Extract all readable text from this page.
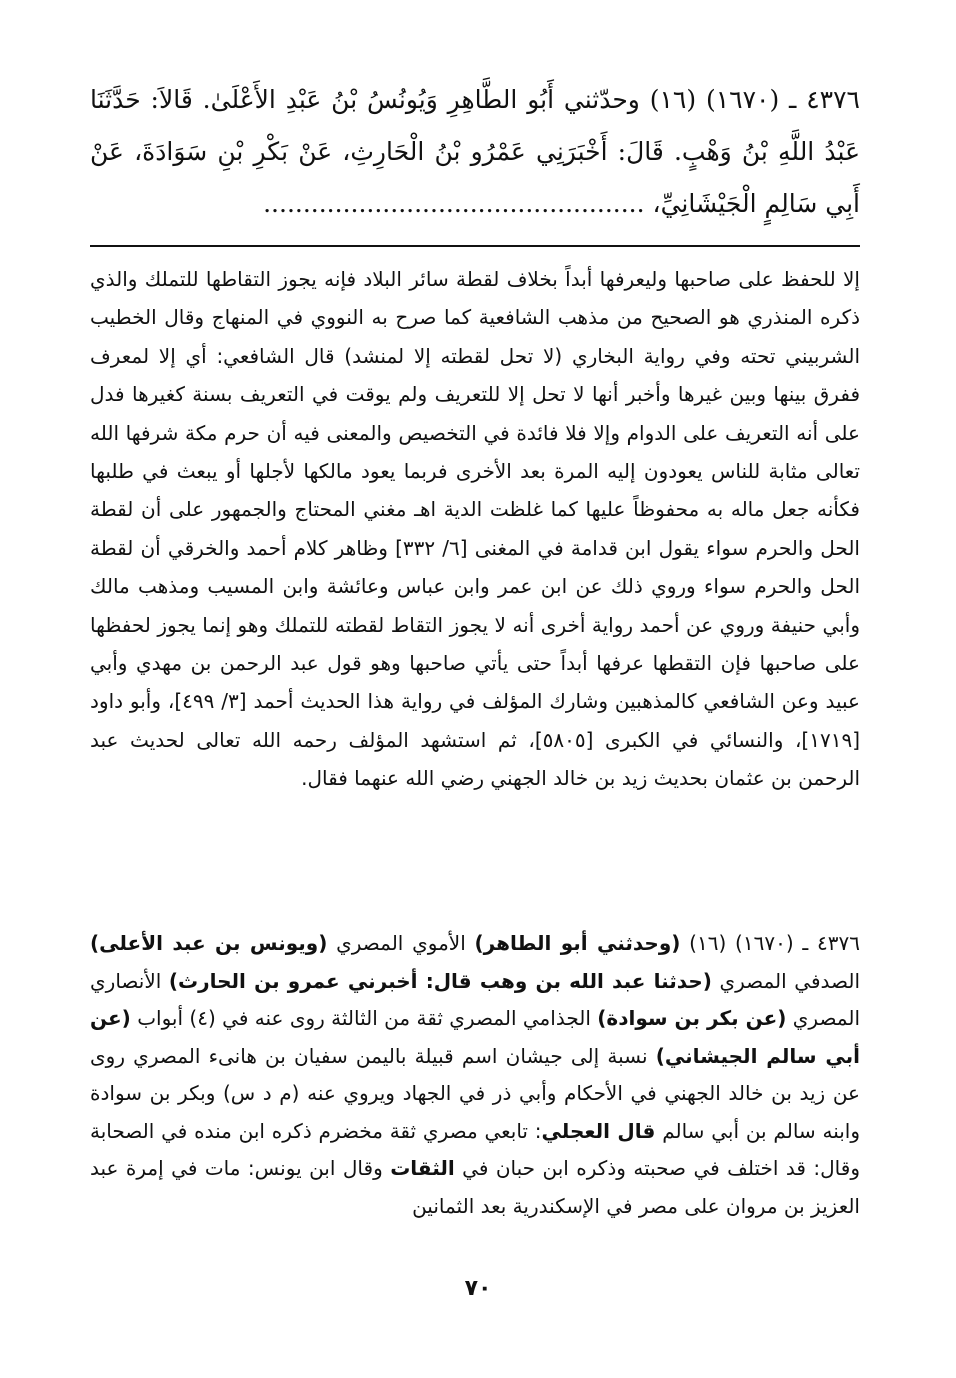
٤٣٧٦ ـ (١٦٧٠) (١٦) وحدّثني أَبُو الطَّاهِرِ وَيُونُسُ بْنُ عَبْدِ الأَعْلَىٰ. قَالاَ: حَدَّثَنَا عَبْدُ اللَّهِ بْنُ وَهْبٍ. قَالَ: أَخْبَرَنِي عَمْرُو بْنُ الْحَارِثِ، عَنْ بَكْرِ بْنِ سَوَادَةَ، عَنْ أَبِي سَالِمٍ الْجَيْشَانِيِّ، ................................................

إلا للحفظ على صاحبها وليعرفها أبداً بخلاف لقطة سائر البلاد فإنه يجوز التقاطها للتملك والذي ذكره المنذري هو الصحيح من مذهب الشافعية كما صرح به النووي في المنهاج وقال الخطيب الشربيني تحته وفي رواية البخاري (لا تحل لقطته إلا لمنشد) قال الشافعي: أي إلا لمعرف ففرق بينها وبين غيرها وأخبر أنها لا تحل إلا للتعريف ولم يوقت في التعريف بسنة كغيرها فدل على أنه التعريف على الدوام وإلا فلا فائدة في التخصيص والمعنى فيه أن حرم مكة شرفها الله تعالى مثابة للناس يعودون إليه المرة بعد الأخرى فربما يعود مالكها لأجلها أو يبعث في طلبها فكأنه جعل ماله به محفوظاً عليها كما غلظت الدية اهـ مغني المحتاج والجمهور على أن لقطة الحل والحرم سواء يقول ابن قدامة في المغنى [٦/ ٣٣٢] وظاهر كلام أحمد والخرقي أن لقطة الحل والحرم سواء وروي ذلك عن ابن عمر وابن عباس وعائشة وابن المسيب ومذهب مالك وأبي حنيفة وروي عن أحمد رواية أخرى أنه لا يجوز التقاط لقطته للتملك وهو إنما يجوز لحفظها على صاحبها فإن التقطها عرفها أبداً حتى يأتي صاحبها وهو قول عبد الرحمن بن مهدي وأبي عبيد وعن الشافعي كالمذهبين وشارك المؤلف في رواية هذا الحديث أحمد [٣/ ٤٩٩]، وأبو داود [١٧١٩]، والنسائي في الكبرى [٥٨٠٥]، ثم استشهد المؤلف رحمه الله تعالى لحديث عبد الرحمن بن عثمان بحديث زيد بن خالد الجهني رضي الله عنهما فقال.

٤٣٧٦ ـ (١٦٧٠) (١٦) (وحدثني أبو الطاهر) الأموي المصري (ويونس بن عبد الأعلى) الصدفي المصري (حدثنا عبد الله بن وهب قال: أخبرني عمرو بن الحارث) الأنصاري المصري (عن بكر بن سوادة) الجذامي المصري ثقة من الثالثة روى عنه في (٤) أبواب (عن أبي سالم الجيشاني) نسبة إلى جيشان اسم قبيلة باليمن سفيان بن هانىء المصري روى عن زيد بن خالد الجهني في الأحكام وأبي ذر في الجهاد ويروي عنه (م د س) وبكر بن سوادة وابنه سالم بن أبي سالم قال العجلي: تابعي مصري ثقة مخضرم ذكره ابن منده في الصحابة وقال: قد اختلف في صحبته وذكره ابن حبان في الثقات وقال ابن يونس: مات في إمرة عبد العزيز بن مروان على مصر في الإسكندرية بعد الثمانين
٧٠
